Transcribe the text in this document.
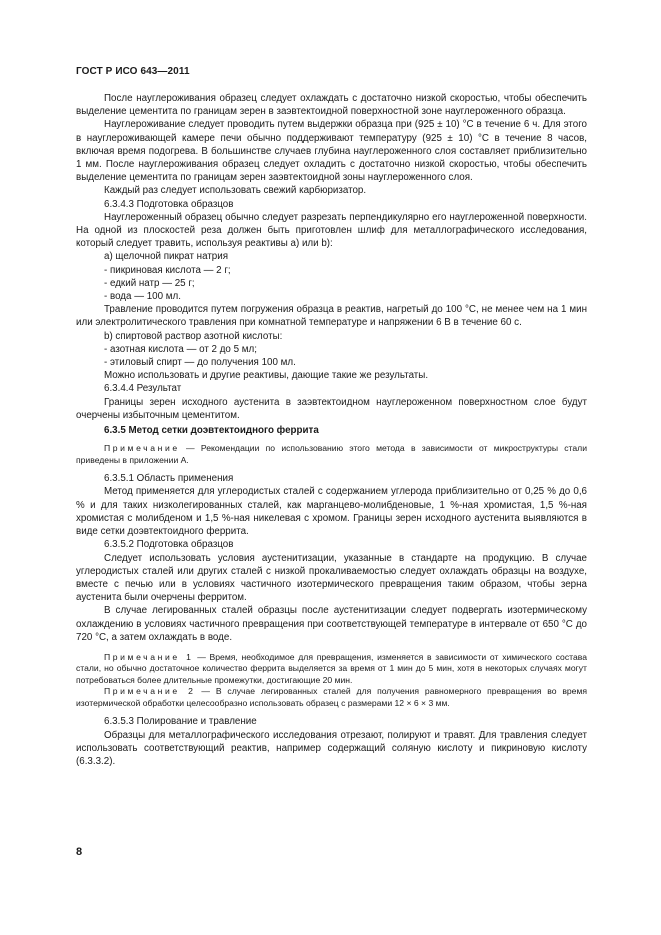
ГОСТ Р ИСО 643—2011

После науглероживания образец следует охлаждать с достаточно низкой скоростью, чтобы обеспечить выделение цементита по границам зерен в заэвтектоидной поверхностной зоне науглероженного образца.

Науглероживание следует проводить путем выдержки образца при (925 ± 10) °С в течение 6 ч. Для этого в науглероживающей камере печи обычно поддерживают температуру (925 ± 10) °С в течение 8 часов, включая время подогрева. В большинстве случаев глубина науглероженного слоя составляет приблизительно 1 мм. После науглероживания образец следует охладить с достаточно низкой скоростью, чтобы обеспечить выделение цементита по границам зерен заэвтектоидной зоны науглероженного слоя.

Каждый раз следует использовать свежий карбюризатор.

6.3.4.3 Подготовка образцов

Науглероженный образец обычно следует разрезать перпендикулярно его науглероженной поверхности. На одной из плоскостей реза должен быть приготовлен шлиф для металлографического исследования, который следует травить, используя реактивы а) или b):

а) щелочной пикрат натрия

- пикриновая кислота — 2 г;

- едкий натр — 25 г;

- вода — 100 мл.

Травление проводится путем погружения образца в реактив, нагретый до 100 °С, не менее чем на 1 мин или электролитического травления при комнатной температуре и напряжении 6 В в течение 60 с.

b) спиртовой раствор азотной кислоты:

- азотная кислота — от 2 до 5 мл;

- этиловый спирт — до получения 100 мл.

Можно использовать и другие реактивы, дающие такие же результаты.

6.3.4.4 Результат

Границы зерен исходного аустенита в заэвтектоидном науглероженном поверхностном слое будут очерчены избыточным цементитом.

6.3.5 Метод сетки доэвтектоидного феррита

Примечание — Рекомендации по использованию этого метода в зависимости от микроструктуры стали приведены в приложении А.

6.3.5.1 Область применения

Метод применяется для углеродистых сталей с содержанием углерода приблизительно от 0,25 % до 0,6 % и для таких низколегированных сталей, как марганцево-молибденовые, 1 %-ная хромистая, 1,5 %-ная хромистая с молибденом и 1,5 %-ная никелевая с хромом. Границы зерен исходного аустенита выявляются в виде сетки доэвтектоидного феррита.

6.3.5.2 Подготовка образцов

Следует использовать условия аустенитизации, указанные в стандарте на продукцию. В случае углеродистых сталей или других сталей с низкой прокаливаемостью следует охлаждать образцы на воздухе, вместе с печью или в условиях частичного изотермического превращения таким образом, чтобы зерна аустенита были очерчены ферритом.

В случае легированных сталей образцы после аустенитизации следует подвергать изотермическому охлаждению в условиях частичного превращения при соответствующей температуре в интервале от 650 °С до 720 °С, а затем охлаждать в воде.

Примечание 1 — Время, необходимое для превращения, изменяется в зависимости от химического состава стали, но обычно достаточное количество феррита выделяется за время от 1 мин до 5 мин, хотя в некоторых случаях могут потребоваться более длительные промежутки, достигающие 20 мин.

Примечание 2 — В случае легированных сталей для получения равномерного превращения во время изотермической обработки целесообразно использовать образец с размерами 12 × 6 × 3 мм.

6.3.5.3 Полирование и травление

Образцы для металлографического исследования отрезают, полируют и травят. Для травления следует использовать соответствующий реактив, например содержащий соляную кислоту и пикриновую кислоту (6.3.3.2).

8
